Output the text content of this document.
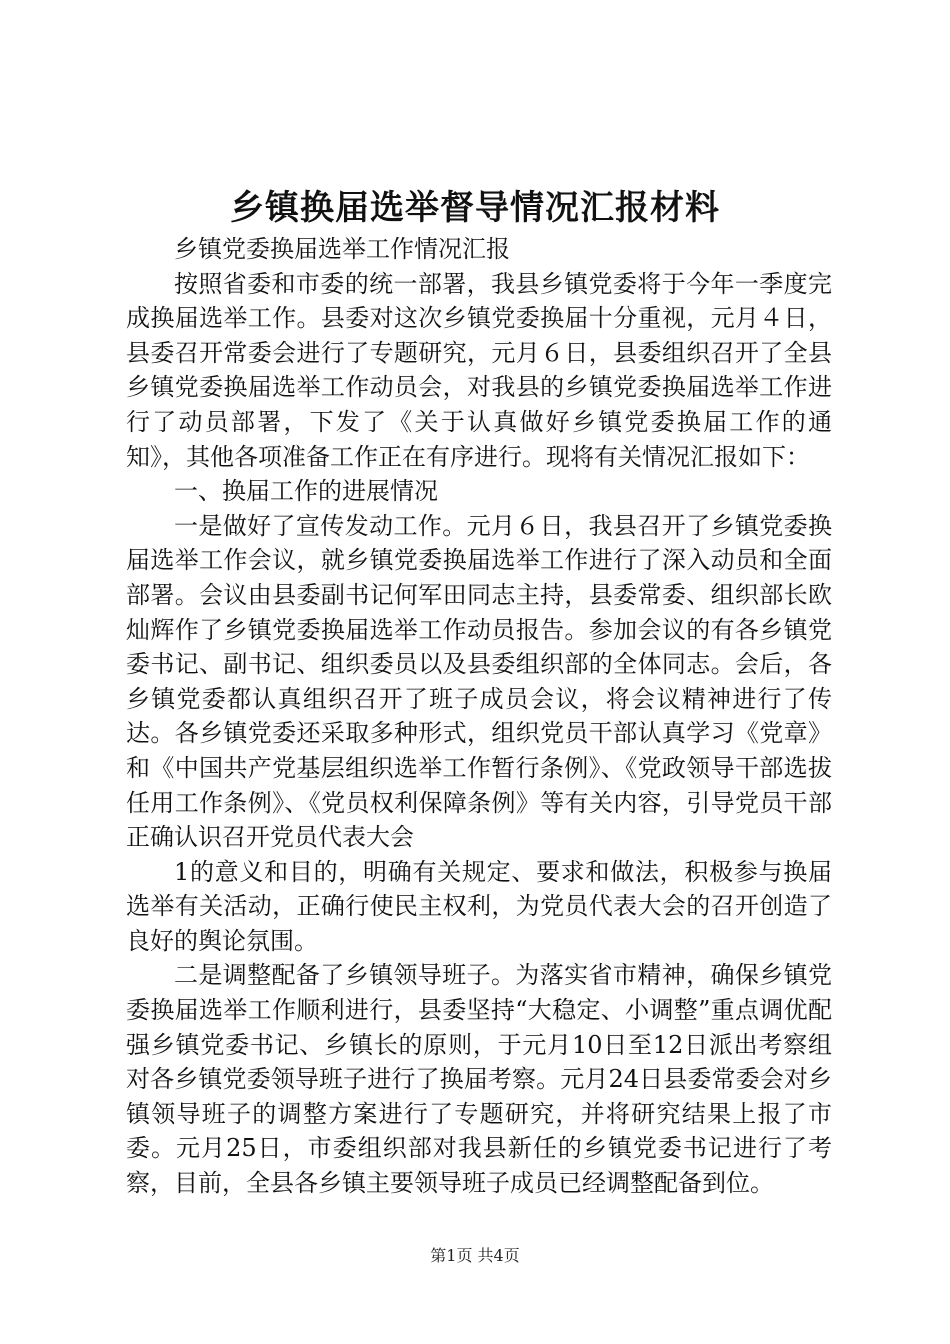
乡镇换届选举督导情况汇报材料

乡镇党委换届选举工作情况汇报

按照省委和市委的统一部署，我县乡镇党委将于今年一季度完成换届选举工作。县委对这次乡镇党委换届十分重视，元月４日，县委召开常委会进行了专题研究，元月６日，县委组织召开了全县乡镇党委换届选举工作动员会，对我县的乡镇党委换届选举工作进行了动员部署，下发了《关于认真做好乡镇党委换届工作的通知》，其他各项准备工作正在有序进行。现将有关情况汇报如下：

一、换届工作的进展情况

一是做好了宣传发动工作。元月６日，我县召开了乡镇党委换届选举工作会议，就乡镇党委换届选举工作进行了深入动员和全面部署。会议由县委副书记何军田同志主持，县委常委、组织部长欧灿辉作了乡镇党委换届选举工作动员报告。参加会议的有各乡镇党委书记、副书记、组织委员以及县委组织部的全体同志。会后，各乡镇党委都认真组织召开了班子成员会议，将会议精神进行了传达。各乡镇党委还采取多种形式，组织党员干部认真学习《党章》和《中国共产党基层组织选举工作暂行条例》、《党政领导干部选拔任用工作条例》、《党员权利保障条例》等有关内容，引导党员干部正确认识召开党员代表大会

1的意义和目的，明确有关规定、要求和做法，积极参与换届选举有关活动，正确行使民主权利，为党员代表大会的召开创造了良好的舆论氛围。

二是调整配备了乡镇领导班子。为落实省市精神，确保乡镇党委换届选举工作顺利进行，县委坚持“大稳定、小调整”重点调优配强乡镇党委书记、乡镇长的原则，于元月10日至12日派出考察组对各乡镇党委领导班子进行了换届考察。元月24日县委常委会对乡镇领导班子的调整方案进行了专题研究，并将研究结果上报了市委。元月25日，市委组织部对我县新任的乡镇党委书记进行了考察，目前，全县各乡镇主要领导班子成员已经调整配备到位。

第1页 共4页
